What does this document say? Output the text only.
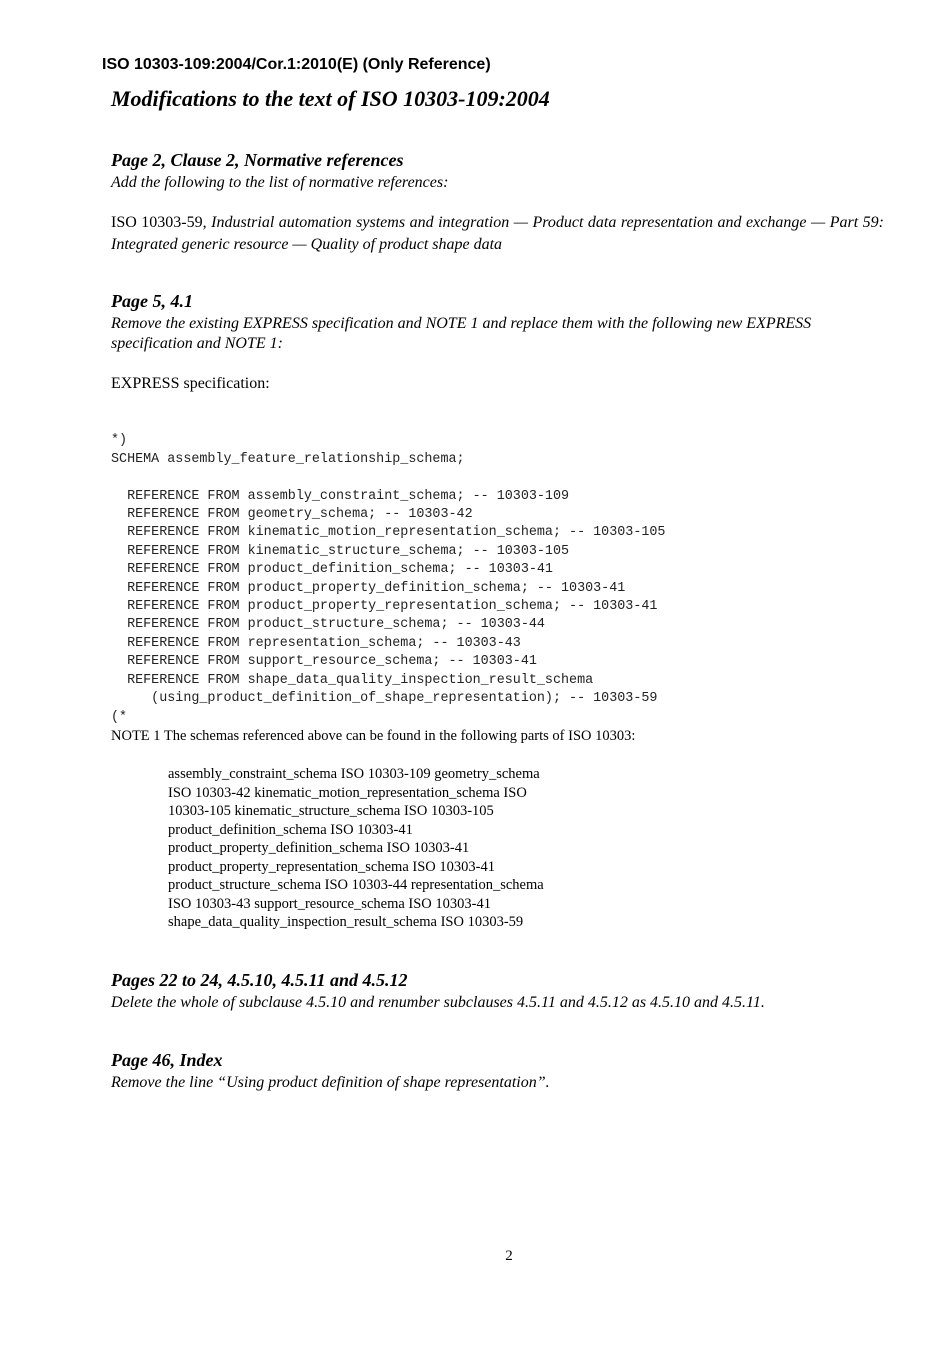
ISO 10303-109:2004/Cor.1:2010(E) (Only Reference)
Modifications to the text of ISO 10303-109:2004
Page 2, Clause 2, Normative references
Add the following to the list of normative references:
ISO 10303-59, Industrial automation systems and integration — Product data representation and exchange — Part 59: Integrated generic resource — Quality of product shape data
Page 5, 4.1
Remove the existing EXPRESS specification and NOTE 1 and replace them with the following new EXPRESS specification and NOTE 1:
EXPRESS specification:

*)
SCHEMA assembly_feature_relationship_schema;

REFERENCE FROM assembly_constraint_schema; -- 10303-109
REFERENCE FROM geometry_schema; -- 10303-42
REFERENCE FROM kinematic_motion_representation_schema; -- 10303-105
REFERENCE FROM kinematic_structure_schema; -- 10303-105
REFERENCE FROM product_definition_schema; -- 10303-41
REFERENCE FROM product_property_definition_schema; -- 10303-41
REFERENCE FROM product_property_representation_schema; -- 10303-41
REFERENCE FROM product_structure_schema; -- 10303-44
REFERENCE FROM representation_schema; -- 10303-43
REFERENCE FROM support_resource_schema; -- 10303-41
REFERENCE FROM shape_data_quality_inspection_result_schema
(using_product_definition_of_shape_representation); -- 10303-59
(*

NOTE 1 The schemas referenced above can be found in the following parts of ISO 10303:
assembly_constraint_schema ISO 10303-109 geometry_schema
ISO 10303-42 kinematic_motion_representation_schema ISO
10303-105 kinematic_structure_schema ISO 10303-105
product_definition_schema ISO 10303-41
product_property_definition_schema ISO 10303-41
product_property_representation_schema ISO 10303-41
product_structure_schema ISO 10303-44 representation_schema
ISO 10303-43 support_resource_schema ISO 10303-41
shape_data_quality_inspection_result_schema ISO 10303-59
Pages 22 to 24, 4.5.10, 4.5.11 and 4.5.12
Delete the whole of subclause 4.5.10 and renumber subclauses 4.5.11 and 4.5.12 as 4.5.10 and 4.5.11.
Page 46, Index
Remove the line “Using product definition of shape representation”.
2
